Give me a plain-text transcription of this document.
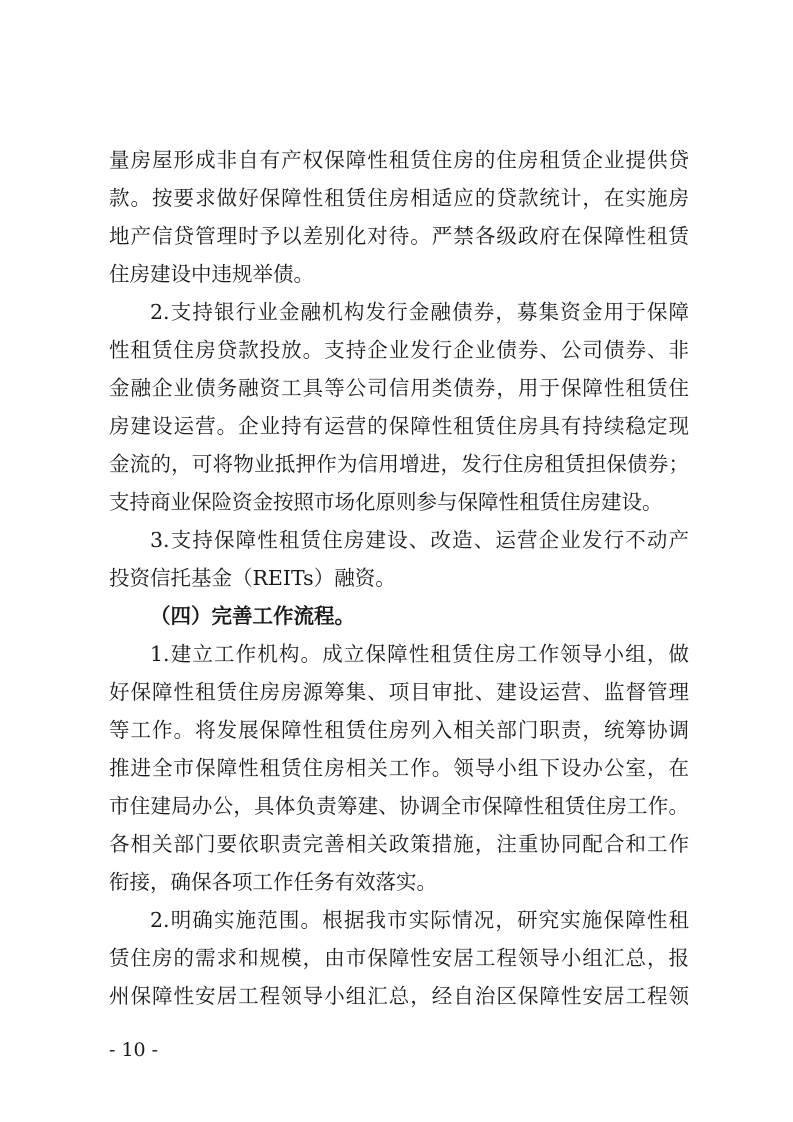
量房屋形成非自有产权保障性租赁住房的住房租赁企业提供贷
款。按要求做好保障性租赁住房相适应的贷款统计，在实施房
地产信贷管理时予以差别化对待。严禁各级政府在保障性租赁
住房建设中违规举债。
2.支持银行业金融机构发行金融债券，募集资金用于保障
性租赁住房贷款投放。支持企业发行企业债券、公司债券、非
金融企业债务融资工具等公司信用类债券，用于保障性租赁住
房建设运营。企业持有运营的保障性租赁住房具有持续稳定现
金流的，可将物业抵押作为信用增进，发行住房租赁担保债券；
支持商业保险资金按照市场化原则参与保障性租赁住房建设。
3.支持保障性租赁住房建设、改造、运营企业发行不动产
投资信托基金（REITs）融资。
（四）完善工作流程。
1.建立工作机构。成立保障性租赁住房工作领导小组，做
好保障性租赁住房房源筹集、项目审批、建设运营、监督管理
等工作。将发展保障性租赁住房列入相关部门职责，统筹协调
推进全市保障性租赁住房相关工作。领导小组下设办公室，在
市住建局办公，具体负责筹建、协调全市保障性租赁住房工作。
各相关部门要依职责完善相关政策措施，注重协同配合和工作
衔接，确保各项工作任务有效落实。
2.明确实施范围。根据我市实际情况，研究实施保障性租
赁住房的需求和规模，由市保障性安居工程领导小组汇总，报
州保障性安居工程领导小组汇总，经自治区保障性安居工程领
- 10 -
